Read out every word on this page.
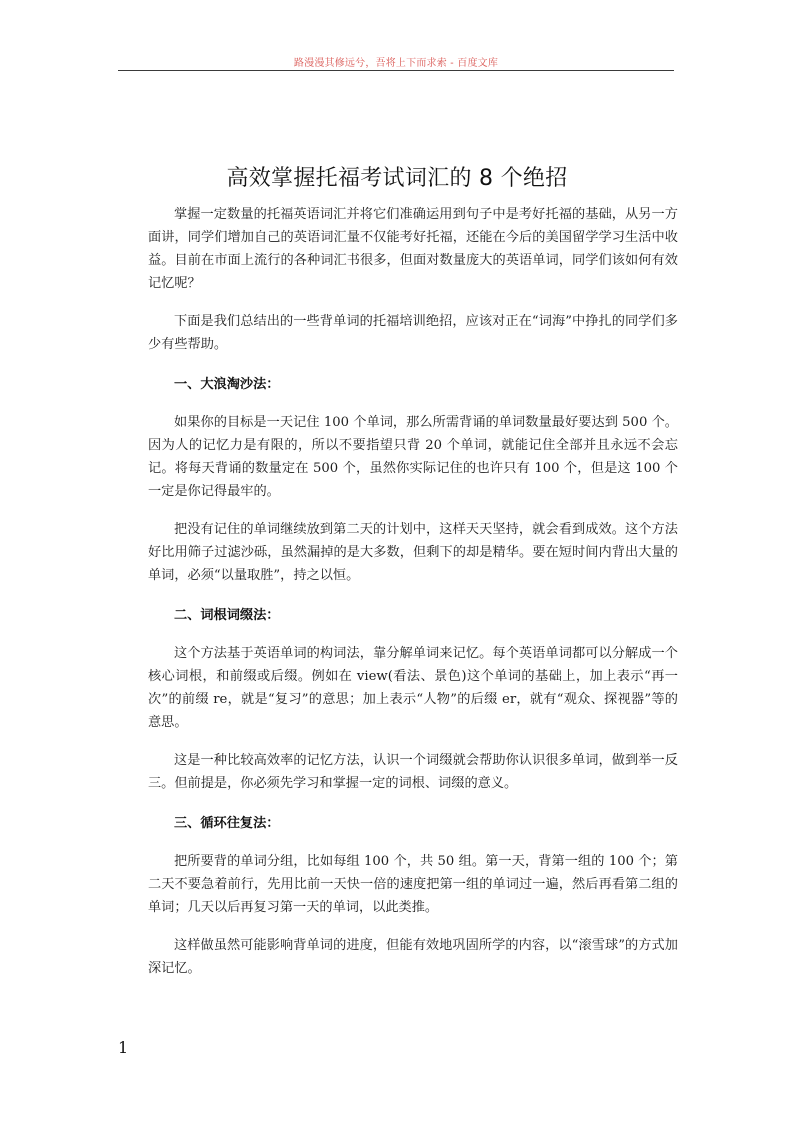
路漫漫其修远兮，吾将上下而求索 - 百度文库
高效掌握托福考试词汇的 8 个绝招

掌握一定数量的托福英语词汇并将它们准确运用到句子中是考好托福的基础，从另一方面讲，同学们增加自己的英语词汇量不仅能考好托福，还能在今后的美国留学学习生活中收益。目前在市面上流行的各种词汇书很多，但面对数量庞大的英语单词，同学们该如何有效记忆呢？

下面是我们总结出的一些背单词的托福培训绝招，应该对正在“词海”中挣扎的同学们多少有些帮助。

一、大浪淘沙法：

如果你的目标是一天记住 100 个单词，那么所需背诵的单词数量最好要达到 500 个。因为人的记忆力是有限的，所以不要指望只背 20 个单词，就能记住全部并且永远不会忘记。将每天背诵的数量定在 500 个，虽然你实际记住的也许只有 100 个，但是这 100 个一定是你记得最牢的。

把没有记住的单词继续放到第二天的计划中，这样天天坚持，就会看到成效。这个方法好比用筛子过滤沙砾，虽然漏掉的是大多数，但剩下的却是精华。要在短时间内背出大量的单词，必须“以量取胜”，持之以恒。

二、词根词缀法：

这个方法基于英语单词的构词法，靠分解单词来记忆。每个英语单词都可以分解成一个核心词根，和前缀或后缀。例如在 view(看法、景色)这个单词的基础上，加上表示“再一次”的前缀 re，就是“复习”的意思；加上表示“人物”的后缀 er，就有“观众、探视器”等的意思。

这是一种比较高效率的记忆方法，认识一个词缀就会帮助你认识很多单词，做到举一反三。但前提是，你必须先学习和掌握一定的词根、词缀的意义。

三、循环往复法：

把所要背的单词分组，比如每组 100 个，共 50 组。第一天，背第一组的 100 个；第二天不要急着前行，先用比前一天快一倍的速度把第一组的单词过一遍，然后再看第二组的单词；几天以后再复习第一天的单词，以此类推。

这样做虽然可能影响背单词的进度，但能有效地巩固所学的内容，以“滚雪球”的方式加深记忆。

1
